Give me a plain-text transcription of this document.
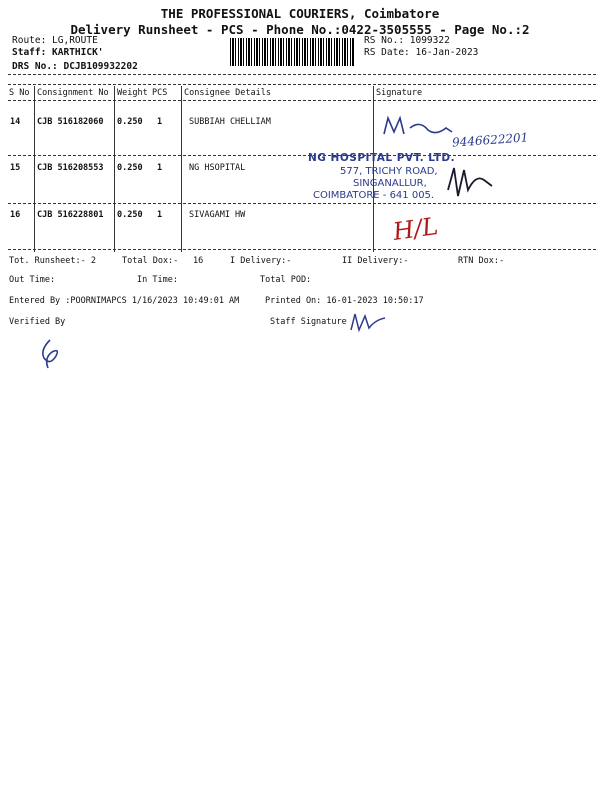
THE PROFESSIONAL COURIERS, Coimbatore
Delivery Runsheet - PCS - Phone No.:0422-3505555 - Page No.:2
Route: LG,ROUTE
Staff: KARTHICK'
DRS No.: DCJB109932202
RS No.: 1099322
RS Date: 16-Jan-2023
S No Consignment No Weight PCS Consignee Details	Signature
14 CJB 516182060 0.250 1	SUBBIAH CHELLIAM
15 CJB 516208553 0.250 1	NG HSOPITAL
16 CJB 516228801 0.250 1	SIVAGAMI HW
9446622201
NG HOSPITAL PVT. LTD.
577, TRICHY ROAD,
SINGANALLUR,
COIMBATORE - 641 005.
H/L
Tot. Runsheet:- 2	Total Dox:- 16	I Delivery:-	II Delivery:-	RTN Dox:-
Out Time:	In Time:	Total POD:
Entered By :POORNIMAPCS 1/16/2023 10:49:01 AM	Printed On: 16-01-2023 10:50:17
Verified By	Staff Signature
